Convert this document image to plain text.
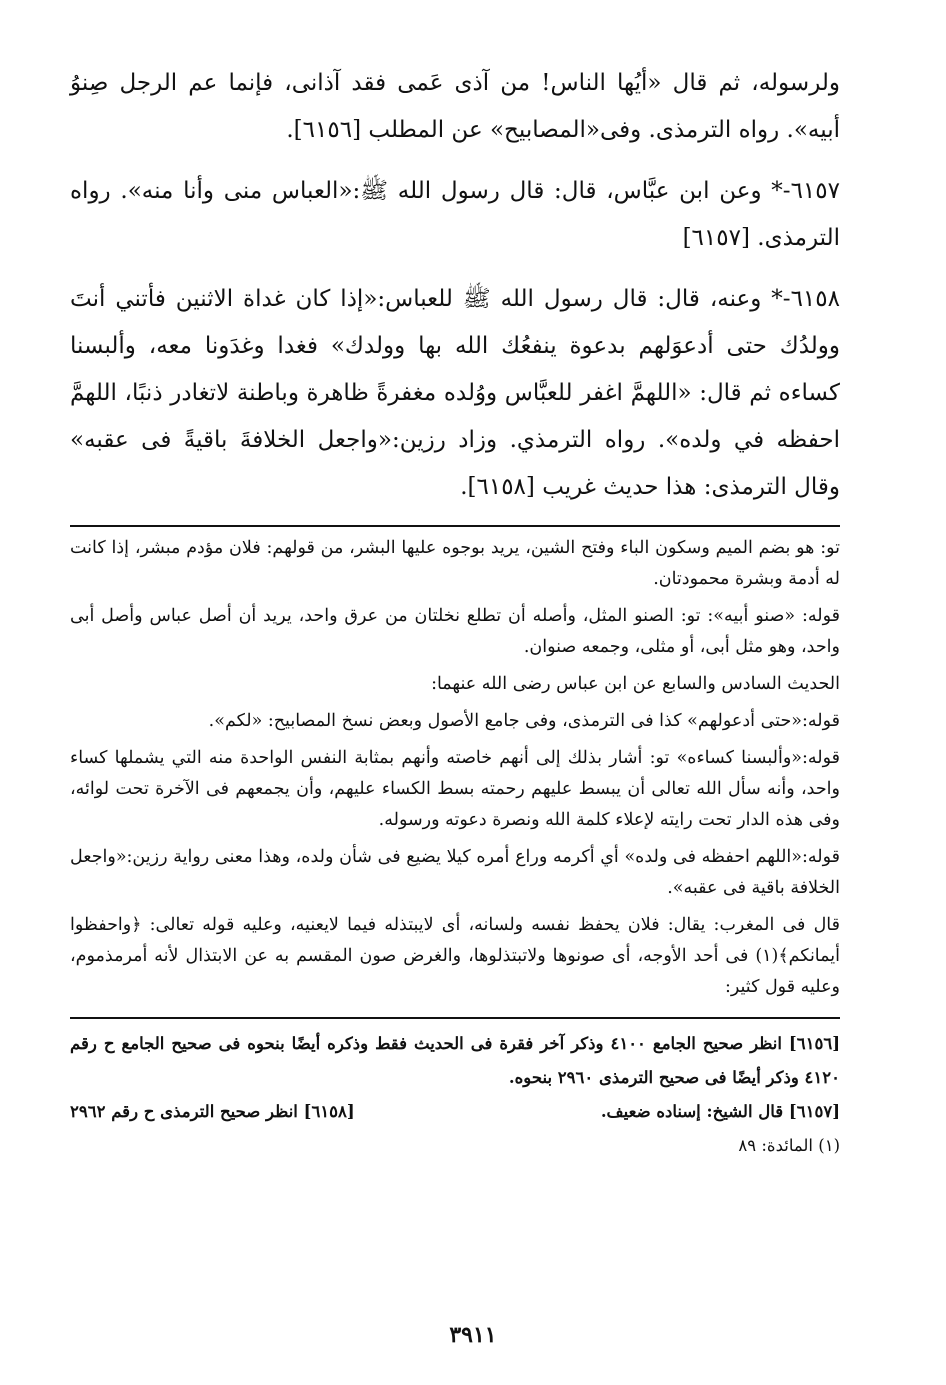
ولرسوله، ثم قال «أيُها الناس! من آذى عَمى فقد آذانى، فإنما عم الرجل صِنوُ أبيه». رواه الترمذى. وفى«المصابيح» عن المطلب [٦١٥٦].

٦١٥٧-* وعن ابن عبَّاس، قال: قال رسول الله ﷺ:«العباس منى وأنا منه». رواه الترمذى. [٦١٥٧]

٦١٥٨-* وعنه، قال: قال رسول الله ﷺ للعباس:«إذا كان غداة الاثنين فأتني أنتَ وولدُك حتى أدعوَلهم بدعوة ينفعُك الله بها وولدك» فغدا وغدَونا معه، وألبسنا كساءه ثم قال: «اللهمَّ اغفر للعبَّاس ووُلده مغفرةً ظاهرة وباطنة لاتغادر ذنبًا، اللهمَّ احفظه في ولده». رواه الترمذي. وزاد رزين:«واجعل الخلافةَ باقيةً فى عقبه» وقال الترمذى: هذا حديث غريب [٦١٥٨].

تو: هو بضم الميم وسكون الباء وفتح الشين، يريد بوجوه عليها البشر، من قولهم: فلان مؤدم مبشر، إذا كانت له أدمة وبشرة محمودتان.

قوله: «صنو أبيه»: تو: الصنو المثل، وأصله أن تطلع نخلتان من عرق واحد، يريد أن أصل عباس وأصل أبى واحد، وهو مثل أبى، أو مثلى، وجمعه صنوان.

الحديث السادس والسابع عن ابن عباس رضى الله عنهما:

قوله:«حتى أدعولهم» كذا فى الترمذى، وفى جامع الأصول وبعض نسخ المصابيح: «لكم».

قوله:«وألبسنا كساءه» تو: أشار بذلك إلى أنهم خاصته وأنهم بمثابة النفس الواحدة منه التي يشملها كساء واحد، وأنه سأل الله تعالى أن يبسط عليهم رحمته بسط الكساء عليهم، وأن يجمعهم فى الآخرة تحت لوائه، وفى هذه الدار تحت رايته لإعلاء كلمة الله ونصرة دعوته ورسوله.

قوله:«اللهم احفظه فى ولده» أي أكرمه وراع أمره كيلا يضيع فى شأن ولده، وهذا معنى رواية رزين:«واجعل الخلافة باقية فى عقبه».

قال فى المغرب: يقال: فلان يحفظ نفسه ولسانه، أى لايبتذله فيما لايعنيه، وعليه قوله تعالى: ﴿واحفظوا أيمانكم﴾(١) فى أحد الأوجه، أى صونوها ولاتبتذلوها، والغرض صون المقسم به عن الابتذال لأنه أمرمذموم، وعليه قول كثير:

[٦١٥٦] انظر صحيح الجامع ٤١٠٠ وذكر آخر فقرة فى الحديث فقط وذكره أيضًا بنحوه فى صحيح الجامع ح رقم ٤١٢٠ وذكر أيضًا فى صحيح الترمذى ٢٩٦٠ بنحوه.
[٦١٥٧] قال الشيخ: إسناده ضعيف.
[٦١٥٨] انظر صحيح الترمذى ح رقم ٢٩٦٢
(١) المائدة: ٨٩
٣٩١١
